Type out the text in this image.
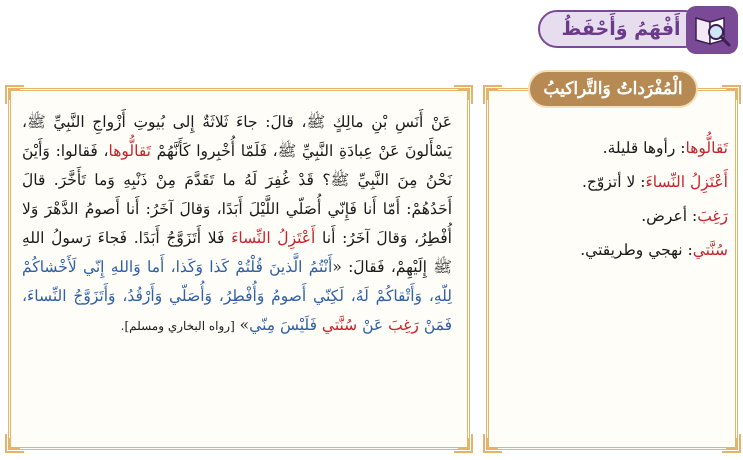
أَفْهَمُ وَأَحْفَظُ

عَنْ أَنَسِ بْنِ مالِكٍ ﷺ، قالَ: جاءَ ثَلاثَةٌ إِلى بُيوتِ أَزْواجِ النَّبِيِّ ﷺ، يَسْأَلونَ عَنْ عِبادَةِ النَّبِيِّ ﷺ، فَلَمّا أُخْبِروا كَأَنَّهُمْ تَقالُّوها، فَقالوا: وَأَيْنَ نَحْنُ مِنَ النَّبِيِّ ﷺ؟ قَدْ غُفِرَ لَهُ ما تَقَدَّمَ مِنْ ذَنْبِهِ وَما تَأَخَّرَ. قالَ أَحَدُهُمْ: أَمّا أَنا فَإِنّي أُصَلّي اللَّيْلَ أَبَدًا، وَقالَ آخَرُ: أَنا أَصومُ الدَّهْرَ وَلا أُفْطِرُ، وَقالَ آخَرُ: أَنا أَعْتَزِلُ النِّساءَ فَلا أَتَزَوَّجُ أَبَدًا. فَجاءَ رَسولُ اللهِ ﷺ إِلَيْهِمْ، فَقالَ: «أَنْتُمُ الَّذينَ قُلْتُمْ كَذا وَكَذا، أَما وَاللهِ إِنّي لَأَخْشاكُمْ لِلّهِ، وَأَتْقاكُمْ لَهُ، لَكِنّي أَصومُ وَأُفْطِرُ، وَأُصَلّي وَأَرْقُدُ، وَأَتَزَوَّجُ النِّساءَ، فَمَنْ رَغِبَ عَنْ سُنَّتي فَلَيْسَ مِنّي» [رواه البخاري ومسلم].

الْمُفْرَداتُ وَالتَّراكيبُ
تَقالُّوها: رأوها قليلة.
أَعْتَزِلُ النِّساءَ: لا أتزوّج.
رَغِبَ: أعرض.
سُنَّتي: نهجي وطريقتي.
